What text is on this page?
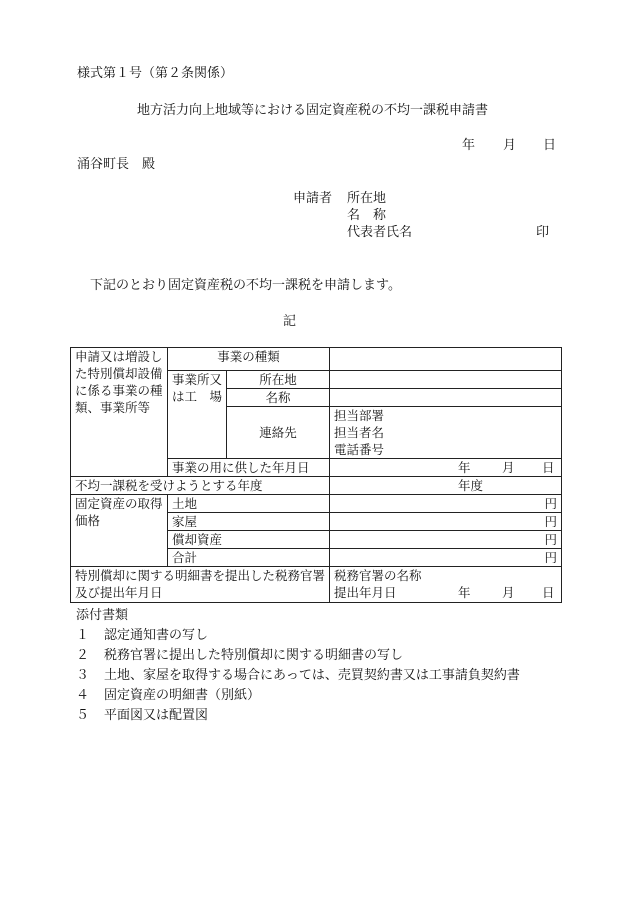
様式第１号（第２条関係）
地方活力向上地域等における固定資産税の不均一課税申請書
年 月 日
涌谷町長　殿
申請者 所在地
名　称
代表者氏名	印
下記のとおり固定資産税の不均一課税を申請します。
記
申請又は増設した特別償却設備に係る事業の種類、事業所等	事業の種類		
	事業所又は工　場	所在地	
		名称	
		連絡先	担当部署
担当者名
電話番号

	事業の用に供した年月日		年 月 日

不均一課税を受けようとする年度			年度

固定資産の取得価格	土地		円
	家屋		円
	償却資産		円
	合計		円
特別償却に関する明細書を提出した税務官署及び提出年月日			税務官署の名称
提出年月日 年 月 日
添付書類
１	認定通知書の写し
２	税務官署に提出した特別償却に関する明細書の写し
３	土地、家屋を取得する場合にあっては、売買契約書又は工事請負契約書
４	固定資産の明細書（別紙）
５	平面図又は配置図
